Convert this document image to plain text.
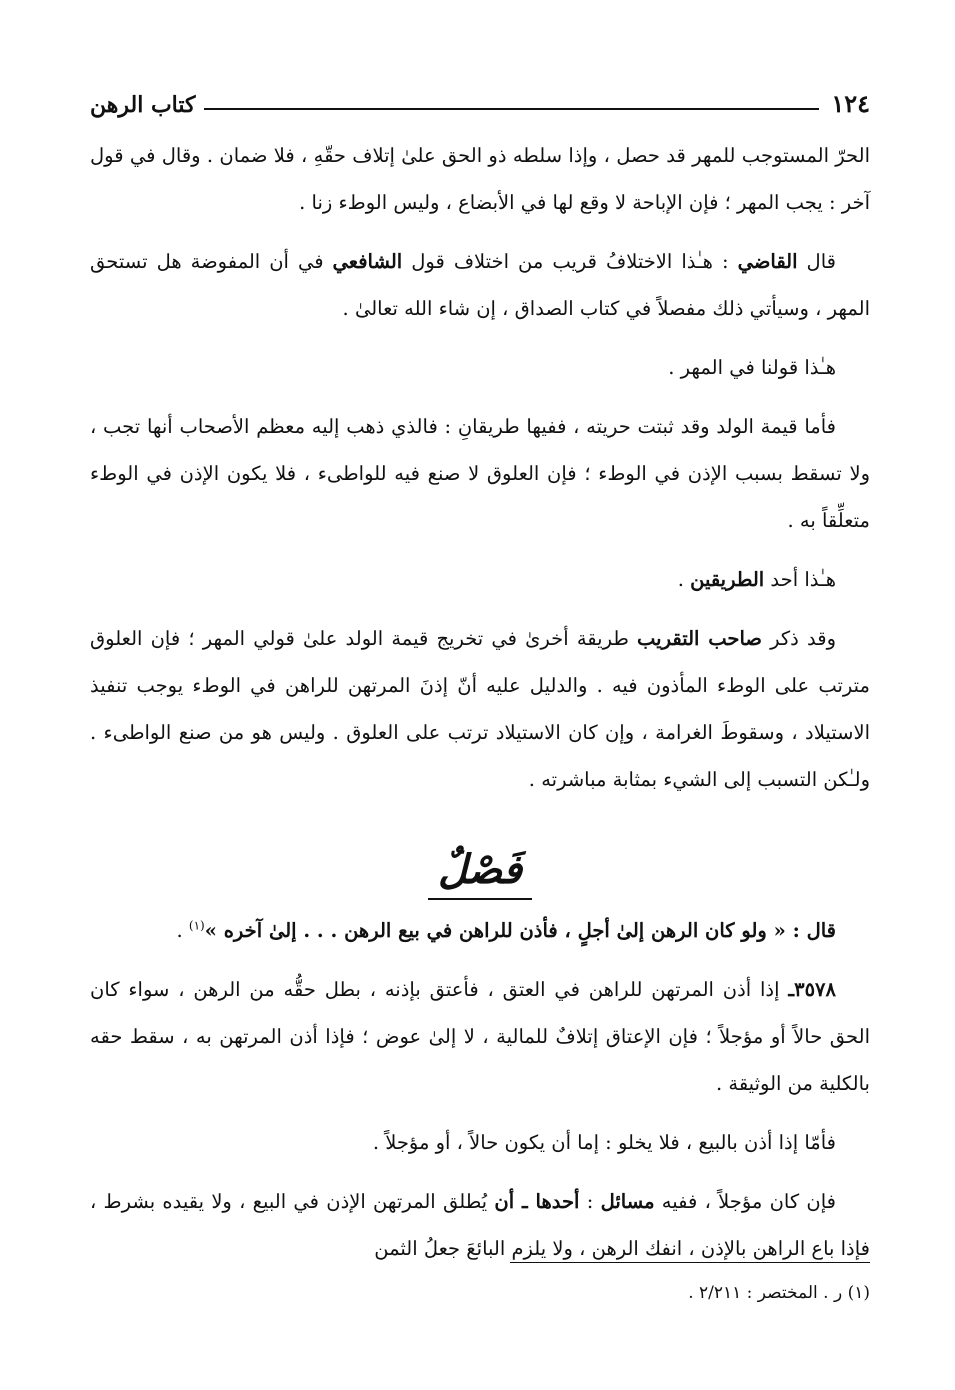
١٢٤
كتاب الرهن

الحرّ المستوجب للمهر قد حصل ، وإذا سلطه ذو الحق علىٰ إتلاف حقّهِ ، فلا ضمان . وقال في قول آخر : يجب المهر ؛ فإن الإباحة لا وقع لها في الأبضاع ، وليس الوطء زنا .

قال القاضي : هـٰذا الاختلافُ قريب من اختلاف قول الشافعي في أن المفوضة هل تستحق المهر ، وسيأتي ذلك مفصلاً في كتاب الصداق ، إن شاء الله تعالىٰ .

هـٰذا قولنا في المهر .

فأما قيمة الولد وقد ثبتت حريته ، ففيها طريقانِ : فالذي ذهب إليه معظم الأصحاب أنها تجب ، ولا تسقط بسبب الإذن في الوطء ؛ فإن العلوق لا صنع فيه للواطىء ، فلا يكون الإذن في الوطء متعلِّقاً به .

هـٰذا أحد الطريقين .

وقد ذكر صاحب التقريب طريقة أخرىٰ في تخريج قيمة الولد علىٰ قولي المهر ؛ فإن العلوق مترتب على الوطء المأذون فيه . والدليل عليه أنّ إذنَ المرتهن للراهن في الوطء يوجب تنفيذ الاستيلاد ، وسقوطَ الغرامة ، وإن كان الاستيلاد ترتب على العلوق . وليس هو من صنع الواطىء . ولـٰكن التسبب إلى الشيء بمثابة مباشرته .

فَصْلٌ

قال : « ولو كان الرهن إلىٰ أجلٍ ، فأذن للراهن في بيع الرهن . . . إلىٰ آخره »$^{(١)}$ .

٣٥٧٨ـ إذا أذن المرتهن للراهن في العتق ، فأعتق بإذنه ، بطل حقُّه من الرهن ، سواء كان الحق حالاً أو مؤجلاً ؛ فإن الإعتاق إتلافٌ للمالية ، لا إلىٰ عوض ؛ فإذا أذن المرتهن به ، سقط حقه بالكلية من الوثيقة .

فأمّا إذا أذن بالبيع ، فلا يخلو : إما أن يكون حالاً ، أو مؤجلاً .

فإن كان مؤجلاً ، ففيه مسائل : أحدها ـ أن يُطلق المرتهن الإذن في البيع ، ولا يقيده بشرط ، فإذا باع الراهن بالإذن ، انفك الرهن ، ولا يلزم البائعَ جعلُ الثمن

(١) ر . المختصر : ٢/٢١١ .
